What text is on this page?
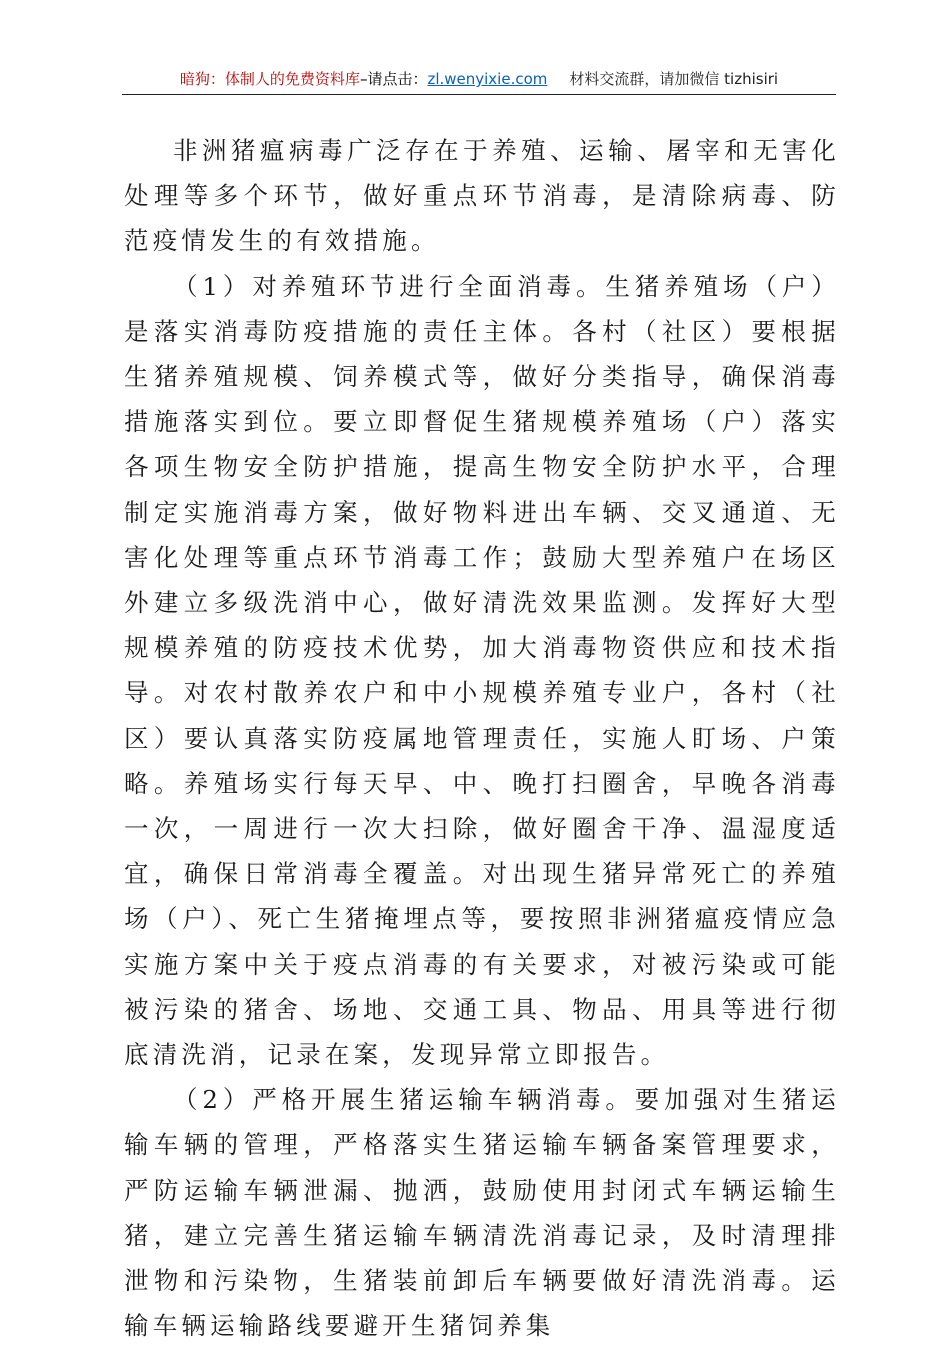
暗狗：体制人的免费资料库–请点击：zl.wenyixie.com 材料交流群，请加微信 tizhisiri

非洲猪瘟病毒广泛存在于养殖、运输、屠宰和无害化处理等多个环节，做好重点环节消毒，是清除病毒、防范疫情发生的有效措施。

（1）对养殖环节进行全面消毒。生猪养殖场（户）是落实消毒防疫措施的责任主体。各村（社区）要根据生猪养殖规模、饲养模式等，做好分类指导，确保消毒措施落实到位。要立即督促生猪规模养殖场（户）落实各项生物安全防护措施，提高生物安全防护水平，合理制定实施消毒方案，做好物料进出车辆、交叉通道、无害化处理等重点环节消毒工作；鼓励大型养殖户在场区外建立多级洗消中心，做好清洗效果监测。发挥好大型规模养殖的防疫技术优势，加大消毒物资供应和技术指导。对农村散养农户和中小规模养殖专业户，各村（社区）要认真落实防疫属地管理责任，实施人盯场、户策略。养殖场实行每天早、中、晚打扫圈舍，早晚各消毒一次，一周进行一次大扫除，做好圈舍干净、温湿度适宜，确保日常消毒全覆盖。对出现生猪异常死亡的养殖场（户）、死亡生猪掩埋点等，要按照非洲猪瘟疫情应急实施方案中关于疫点消毒的有关要求，对被污染或可能被污染的猪舍、场地、交通工具、物品、用具等进行彻底清洗消，记录在案，发现异常立即报告。

（2）严格开展生猪运输车辆消毒。要加强对生猪运输车辆的管理，严格落实生猪运输车辆备案管理要求，严防运输车辆泄漏、抛洒，鼓励使用封闭式车辆运输生猪，建立完善生猪运输车辆清洗消毒记录，及时清理排泄物和污染物，生猪装前卸后车辆要做好清洗消毒。运输车辆运输路线要避开生猪饲养集
